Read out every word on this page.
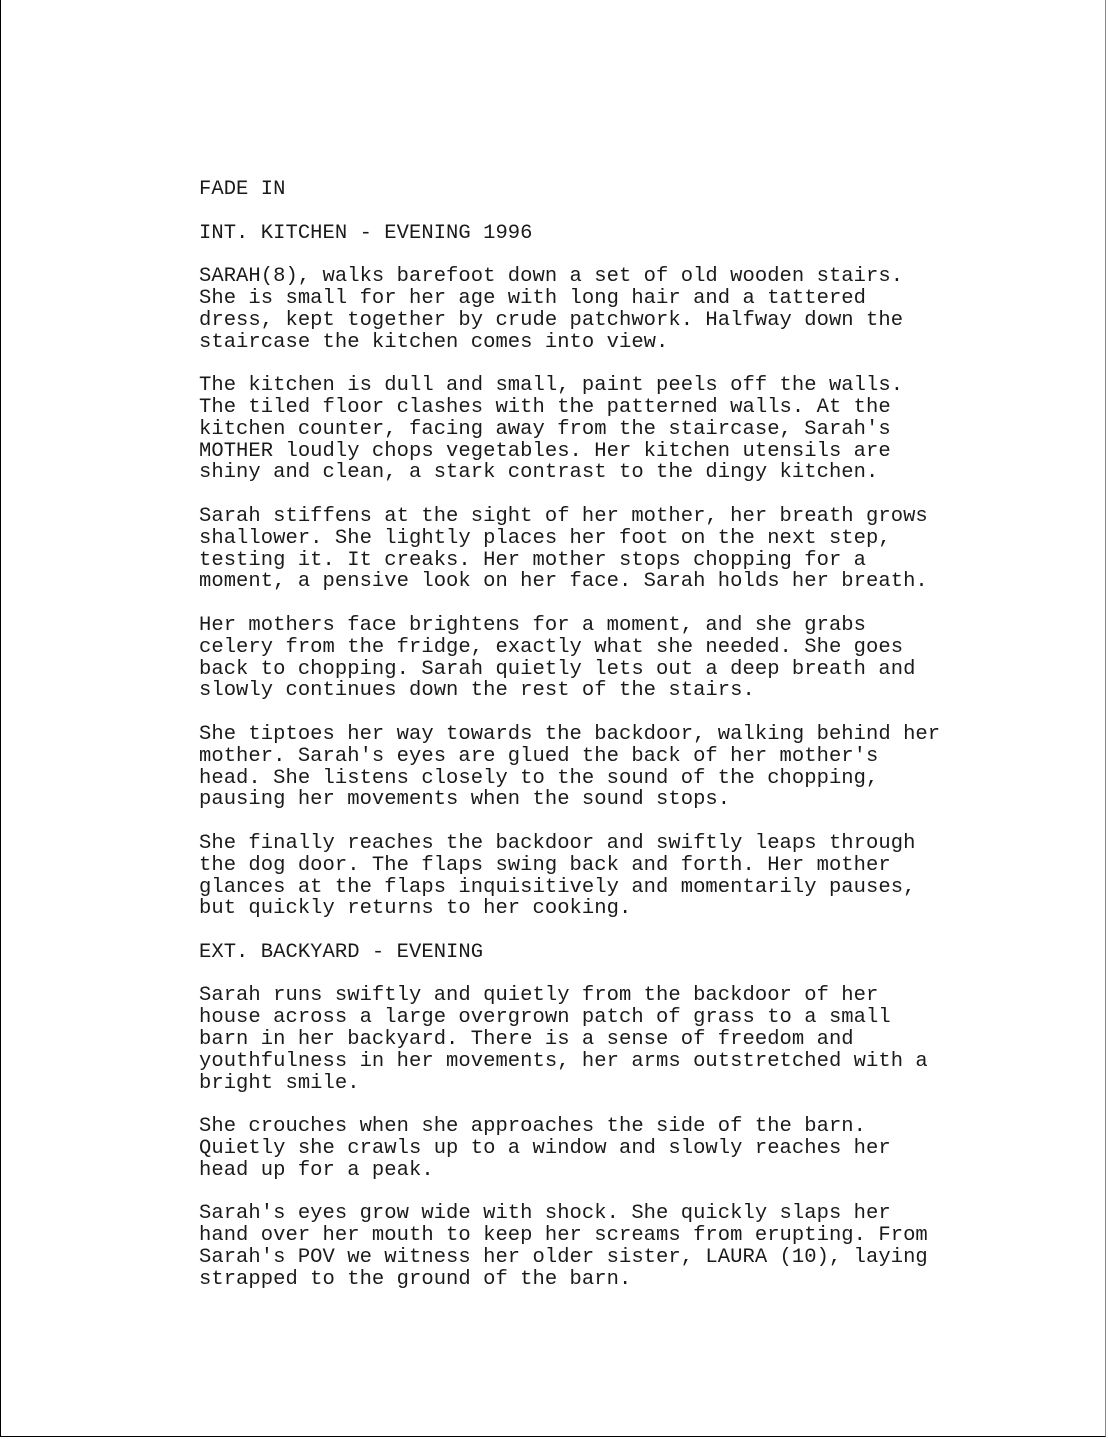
FADE IN
INT. KITCHEN - EVENING 1996
SARAH(8), walks barefoot down a set of old wooden stairs.
She is small for her age with long hair and a tattered
dress, kept together by crude patchwork. Halfway down the
staircase the kitchen comes into view.
The kitchen is dull and small, paint peels off the walls.
The tiled floor clashes with the patterned walls. At the
kitchen counter, facing away from the staircase, Sarah's
MOTHER loudly chops vegetables. Her kitchen utensils are
shiny and clean, a stark contrast to the dingy kitchen.
Sarah stiffens at the sight of her mother, her breath grows
shallower. She lightly places her foot on the next step,
testing it. It creaks. Her mother stops chopping for a
moment, a pensive look on her face. Sarah holds her breath.
Her mothers face brightens for a moment, and she grabs
celery from the fridge, exactly what she needed. She goes
back to chopping. Sarah quietly lets out a deep breath and
slowly continues down the rest of the stairs.
She tiptoes her way towards the backdoor, walking behind her
mother. Sarah's eyes are glued the back of her mother's
head. She listens closely to the sound of the chopping,
pausing her movements when the sound stops.
She finally reaches the backdoor and swiftly leaps through
the dog door. The flaps swing back and forth. Her mother
glances at the flaps inquisitively and momentarily pauses,
but quickly returns to her cooking.
EXT. BACKYARD - EVENING
Sarah runs swiftly and quietly from the backdoor of her
house across a large overgrown patch of grass to a small
barn in her backyard. There is a sense of freedom and
youthfulness in her movements, her arms outstretched with a
bright smile.
She crouches when she approaches the side of the barn.
Quietly she crawls up to a window and slowly reaches her
head up for a peak.
Sarah's eyes grow wide with shock. She quickly slaps her
hand over her mouth to keep her screams from erupting. From
Sarah's POV we witness her older sister, LAURA (10), laying
strapped to the ground of the barn.
